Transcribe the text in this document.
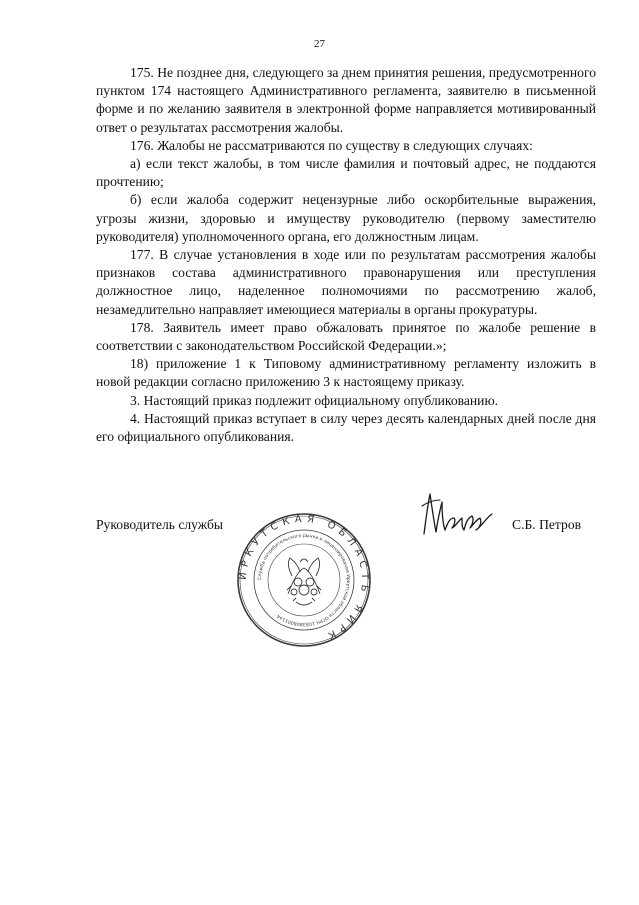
27

175. Не позднее дня, следующего за днем принятия решения, предусмотренного пунктом 174 настоящего Административного регламента, заявителю в письменной форме и по желанию заявителя в электронной форме направляется мотивированный ответ о результатах рассмотрения жалобы.

176. Жалобы не рассматриваются по существу в следующих случаях:

а) если текст жалобы, в том числе фамилия и почтовый адрес, не поддаются прочтению;

б) если жалоба содержит нецензурные либо оскорбительные выражения, угрозы жизни, здоровью и имуществу руководителю (первому заместителю руководителя) уполномоченного органа, его должностным лицам.

177. В случае установления в ходе или по результатам рассмотрения жалобы признаков состава административного правонарушения или преступления должностное лицо, наделенное полномочиями по рассмотрению жалоб, незамедлительно направляет имеющиеся материалы в органы прокуратуры.

178. Заявитель имеет право обжаловать принятое по жалобе решение в соответствии с законодательством Российской Федерации.»;

18) приложение 1 к Типовому административному регламенту изложить в новой редакции согласно приложению 3 к настоящему приказу.

3. Настоящий приказ подлежит официальному опубликованию.

4. Настоящий приказ вступает в силу через десять календарных дней после дня его официального опубликования.

Руководитель службы
ИРКУТСКАЯ ОБЛАСТЬ ЯИРК
Служба потребительского рынка и лицензирования Иркутской области ОГРН 1083808001144
С.Б. Петров
